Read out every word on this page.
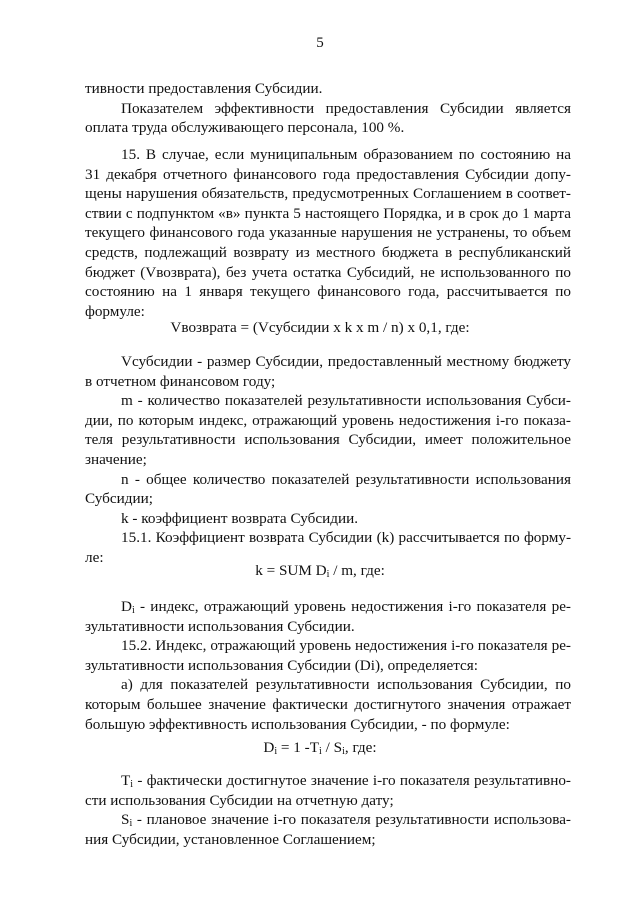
5
тивности предоставления Субсидии.
Показателем эффективности предоставления Субсидии является
оплата труда обслуживающего персонала, 100 %.
15. В случае, если муниципальным образованием по состоянию на
31 декабря отчетного финансового года предоставления Субсидии допу-
щены нарушения обязательств, предусмотренных Соглашением в соответ-
ствии с подпунктом «в» пункта 5 настоящего Порядка, и в срок до 1 марта
текущего финансового года указанные нарушения не устранены, то объем
средств, подлежащий возврату из местного бюджета в республиканский
бюджет (Vвозврата), без учета остатка Субсидий, не использованного по
состоянию на 1 января текущего финансового года, рассчитывается по
формуле:
Vвозврата = (Vсубсидии x k x m / n) x 0,1, где:
Vсубсидии - размер Субсидии, предоставленный местному бюджету
в отчетном финансовом году;
m - количество показателей результативности использования Субси-
дии, по которым индекс, отражающий уровень недостижения i-го показа-
теля результативности использования Субсидии, имеет положительное
значение;
n - общее количество показателей результативности использования
Субсидии;
k - коэффициент возврата Субсидии.
15.1. Коэффициент возврата Субсидии (k) рассчитывается по форму-
ле:
k = SUM $D_i$ / m, где:
$D_i$ - индекс, отражающий уровень недостижения i-го показателя ре-
зультативности использования Субсидии.
15.2. Индекс, отражающий уровень недостижения i-го показателя ре-
зультативности использования Субсидии (Di), определяется:
а) для показателей результативности использования Субсидии, по
которым большее значение фактически достигнутого значения отражает
большую эффективность использования Субсидии, - по формуле:
$D_i = 1$ $-T_i / S_i$, где:
$T_i$ - фактически достигнутое значение i-го показателя результативно-
сти использования Субсидии на отчетную дату;
$S_i$ - плановое значение i-го показателя результативности использова-
ния Субсидии, установленное Соглашением;
